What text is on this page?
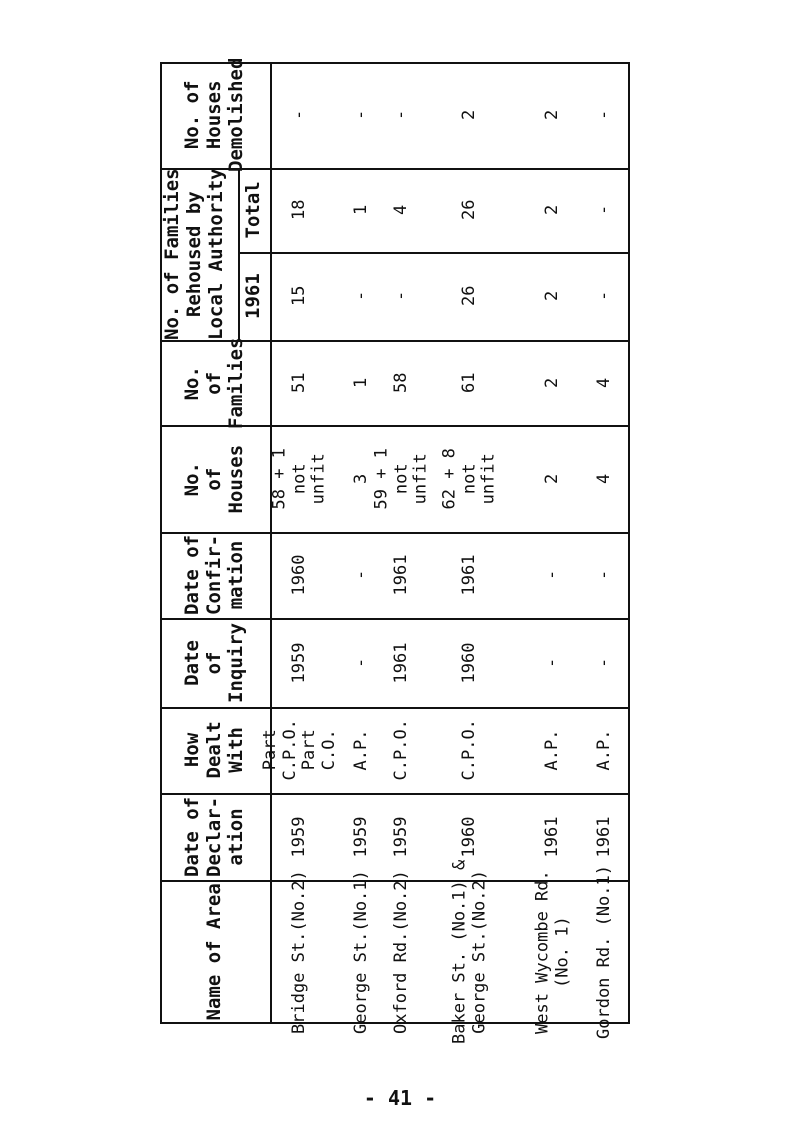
No. of
Houses
Demolished
No. of Families
Rehoused by
Local Authority Total
1961
No.
of
Families
No.
of
Houses
Date of
Confir-
mation
Date
of
Inquiry
How
Dealt
With
Date of
Declar-
ation
Name of Area
-
18
15
51
58 + 1
not
unfit
1960
1959
Part
C.P.O.
Part
C.O.
1959
Bridge St.(No.2)
-
1
-
1
3
-
-
A.P.
1959
George St.(No.1)
-
4
-
58
59 + 1
not
unfit
1961
1961
C.P.O.
1959
Oxford Rd.(No.2)
2
26
26
61
62 + 8
not
unfit
1961
1960
C.P.O.
1960
Baker St. (No.1) &
George St.(No.2)
2
2
2
2
2
-
-
A.P.
1961
West Wycombe Rd.
(No. 1)
-
-
-
4
4
-
-
A.P.
1961
Gordon Rd. (No.1)
- 41 -
